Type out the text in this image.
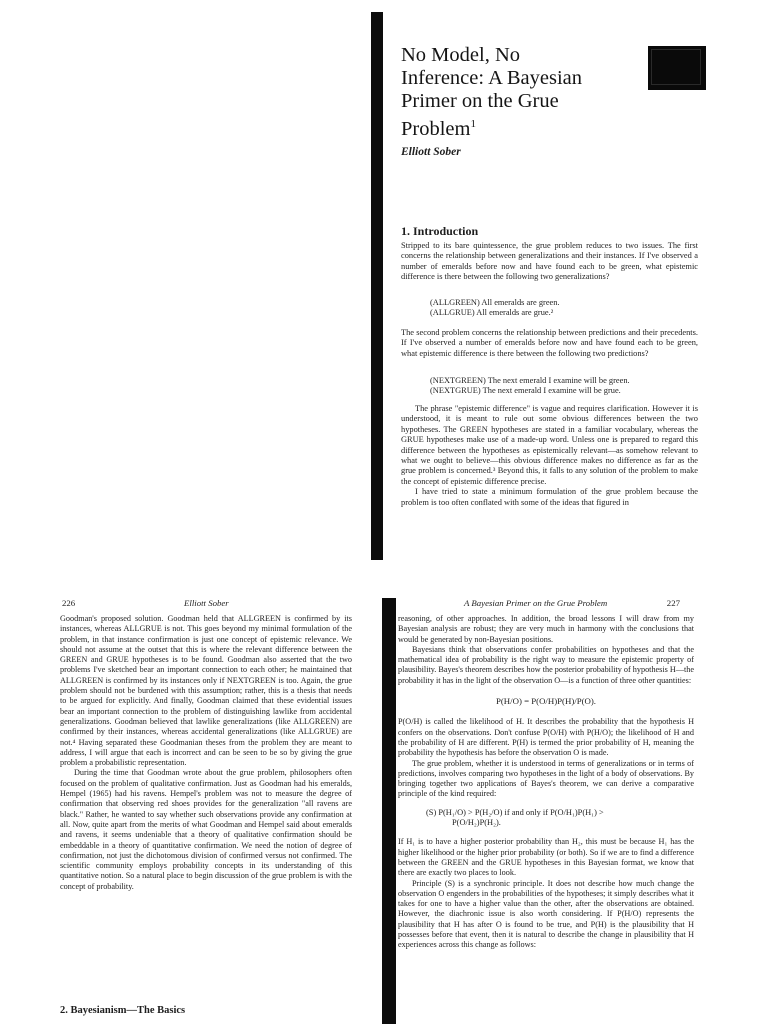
No Model, No
Inference: A Bayesian
Primer on the Grue
Problem$^1$
Elliott Sober
1. Introduction
Stripped to its bare quintessence, the grue problem reduces to two issues. The first concerns the relationship between generalizations and their instances. If I've observed a number of emeralds before now and have found each to be green, what epistemic difference is there between the following two generalizations?
(ALLGREEN) All emeralds are green.
(ALLGRUE) All emeralds are grue.²
The second problem concerns the relationship between predictions and their precedents. If I've observed a number of emeralds before now and have found each to be green, what epistemic difference is there between the following two predictions?
(NEXTGREEN) The next emerald I examine will be green.
(NEXTGRUE) The next emerald I examine will be grue.

The phrase "epistemic difference" is vague and requires clarification. However it is understood, it is meant to rule out some obvious differences between the two hypotheses. The GREEN hypotheses are stated in a familiar vocabulary, whereas the GRUE hypotheses make use of a made-up word. Unless one is prepared to regard this difference between the hypotheses as epistemically relevant—as somehow relevant to what we ought to believe—this obvious difference makes no difference as far as the grue problem is concerned.³ Beyond this, it falls to any solution of the problem to make the concept of epistemic difference precise.

I have tried to state a minimum formulation of the grue problem because the problem is too often conflated with some of the ideas that figured in

226	Elliott Sober

Goodman's proposed solution. Goodman held that ALLGREEN is confirmed by its instances, whereas ALLGRUE is not. This goes beyond my minimal formulation of the problem, in that instance confirmation is just one concept of epistemic relevance. We should not assume at the outset that this is where the relevant difference between the GREEN and GRUE hypotheses is to be found. Goodman also asserted that the two problems I've sketched bear an important connection to each other; he maintained that ALLGREEN is confirmed by its instances only if NEXTGREEN is too. Again, the grue problem should not be burdened with this assumption; rather, this is a thesis that needs to be argued for explicitly. And finally, Goodman claimed that these evidential issues bear an important connection to the problem of distinguishing lawlike from accidental generalizations. Goodman believed that lawlike generalizations (like ALLGREEN) are confirmed by their instances, whereas accidental generalizations (like ALLGRUE) are not.⁴ Having separated these Goodmanian theses from the problem they are meant to address, I will argue that each is incorrect and can be seen to be so by giving the grue problem a probabilistic representation.

During the time that Goodman wrote about the grue problem, philosophers often focused on the problem of qualitative confirmation. Just as Goodman had his emeralds, Hempel (1965) had his ravens. Hempel's problem was not to measure the degree of confirmation that observing red shoes provides for the generalization "all ravens are black." Rather, he wanted to say whether such observations provide any confirmation at all. Now, quite apart from the merits of what Goodman and Hempel said about emeralds and ravens, it seems undeniable that a theory of qualitative confirmation should be embeddable in a theory of quantitative confirmation. We need the notion of degree of confirmation, not just the dichotomous division of confirmed versus not confirmed. The scientific community employs probability concepts in its understanding of this quantitative notion. So a natural place to begin discussion of the grue problem is with the concept of probability.

2. Bayesianism—The Basics
A Bayesian Primer on the Grue Problem	227

reasoning, of other approaches. In addition, the broad lessons I will draw from my Bayesian analysis are robust; they are very much in harmony with the conclusions that would be generated by non-Bayesian positions.

Bayesians think that observations confer probabilities on hypotheses and that the mathematical idea of probability is the right way to measure the epistemic property of plausibility. Bayes's theorem describes how the posterior probability of hypothesis H—the probability it has in the light of the observation O—is a function of three other quantities:

P(H/O) = P(O/H)P(H)/P(O).

P(O/H) is called the likelihood of H. It describes the probability that the hypothesis H confers on the observations. Don't confuse P(O/H) with P(H/O); the likelihood of H and the probability of H are different. P(H) is termed the prior probability of H, meaning the probability the hypothesis has before the observation O is made.

The grue problem, whether it is understood in terms of generalizations or in terms of predictions, involves comparing two hypotheses in the light of a body of observations. By bringing together two applications of Bayes's theorem, we can derive a comparative principle of the kind required:

(S) P(H₁/O) > P(H₂/O) if and only if P(O/H₁)P(H₁) >
P(O/H₂)P(H₂).

If H₁ is to have a higher posterior probability than H₂, this must be because H₁ has the higher likelihood or the higher prior probability (or both). So if we are to find a difference between the GREEN and the GRUE hypotheses in this Bayesian format, we know that there are exactly two places to look.

Principle (S) is a synchronic principle. It does not describe how much change the observation O engenders in the probabilities of the hypotheses; it simply describes what it takes for one to have a higher value than the other, after the observations are obtained. However, the diachronic issue is also worth considering. If P(H/O) represents the plausibility that H has after O is found to be true, and P(H) is the plausibility that H possesses before that event, then it is natural to describe the change in plausibility that H experiences across this change as follows:
